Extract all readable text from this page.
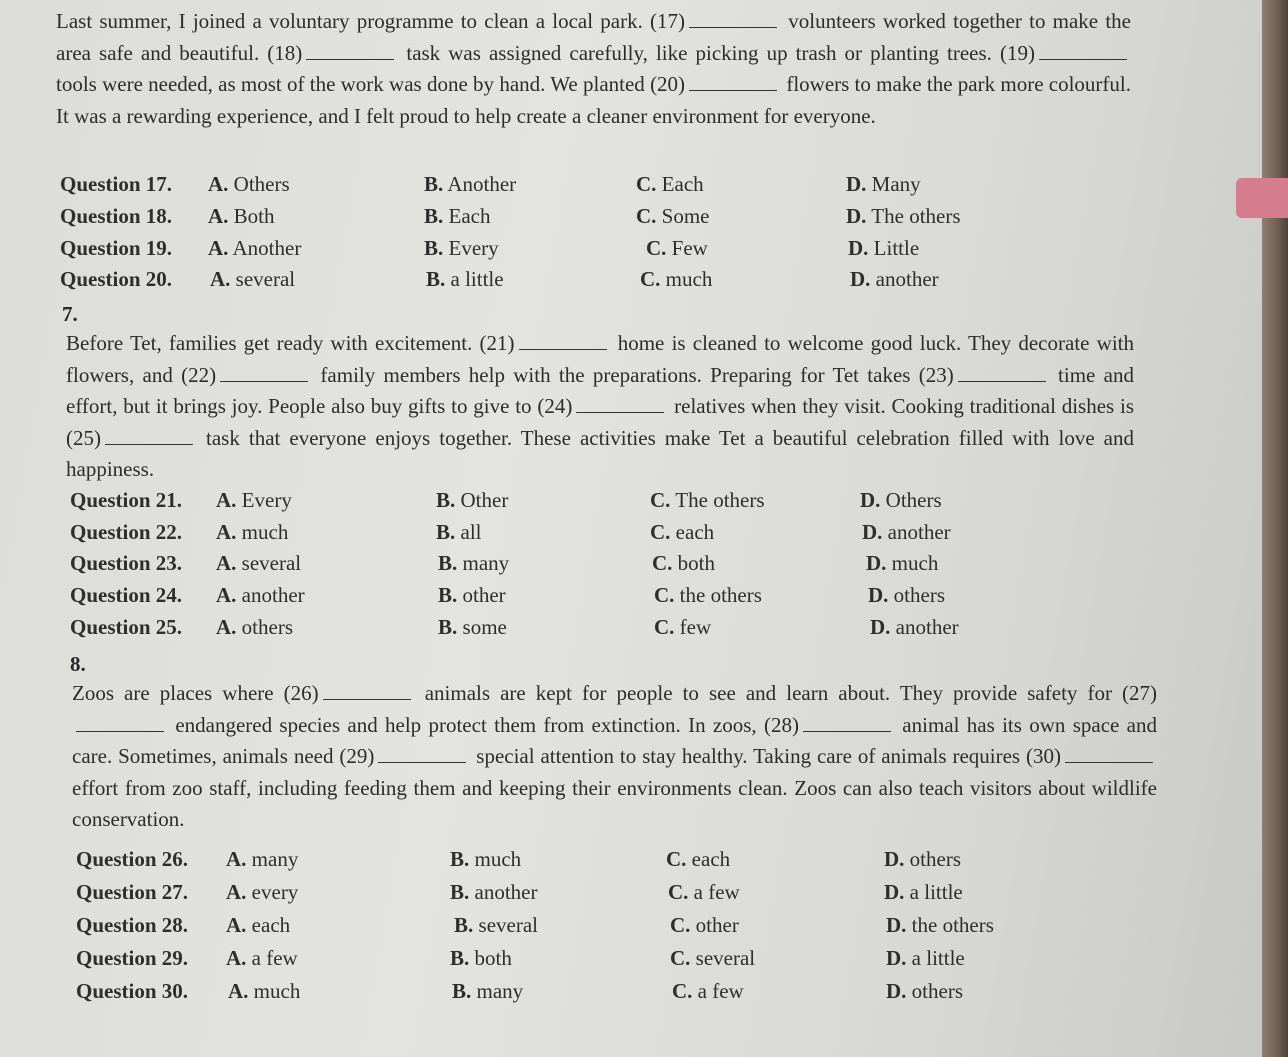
Last summer, I joined a voluntary programme to clean a local park. (17)	volunteers worked together to make the area safe and beautiful. (18)	task was assigned carefully, like picking up trash or planting trees. (19) tools were needed, as most of the work was done by hand. We planted (20)	flowers to make the park more colourful. It was a rewarding experience, and I felt proud to help create a cleaner environment for everyone.
Question 17. A. Others	B. Another	C. Each	D. Many
Question 18. A. Both	B. Each	C. Some	D. The others
Question 19. A. Another	B. Every	C. Few	D. Little
Question 20. A. several	B. a little	C. much	D. another
7.
Before Tet, families get ready with excitement. (21)	home is cleaned to welcome good luck. They decorate with flowers, and (22)	family members help with the preparations. Preparing for Tet takes (23)	time and effort, but it brings joy. People also buy gifts to give to (24)	relatives when they visit. Cooking traditional dishes is (25)	task that everyone enjoys together. These activities make Tet a beautiful celebration filled with love and happiness.
Question 21. A. Every	B. Other	C. The others	D. Others
Question 22. A. much	B. all	C. each	D. another
Question 23. A. several	B. many	C. both	D. much
Question 24. A. another	B. other	C. the others	D. others
Question 25. A. others	B. some	C. few	D. another
8.
Zoos are places where (26)	animals are kept for people to see and learn about. They provide safety for (27) endangered species and help protect them from extinction. In zoos, (28)	animal has its own space and care. Sometimes, animals need (29)	special attention to stay healthy. Taking care of animals requires (30) effort from zoo staff, including feeding them and keeping their environments clean. Zoos can also teach visitors about wildlife conservation.
Question 26. A. many	B. much	C. each	D. others
Question 27. A. every	B. another	C. a few	D. a little
Question 28. A. each	B. several	C. other	D. the others
Question 29. A. a few	B. both	C. several	D. a little
Question 30. A. much	B. many	C. a few	D. others
